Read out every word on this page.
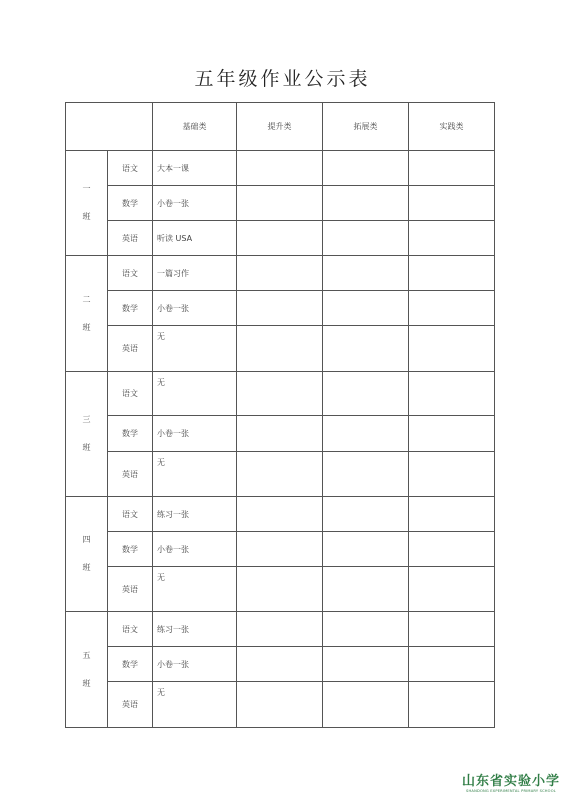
五年级作业公示表
		基础类	提升类	拓展类	实践类

一
班	语文	大本一课			
	数学	小卷一张			
	英语	听读 USA			

二
班	语文	一篇习作			
	数学	小卷一张			
	英语	无			

三
班	语文	无			
	数学	小卷一张			
	英语	无			

四
班	语文	练习一张			
	数学	小卷一张			
	英语	无			

五
班	语文	练习一张			
	数学	小卷一张			
	英语	无			
山东省实验小学
SHANDONG EXPERIMENTAL PRIMARY SCHOOL
